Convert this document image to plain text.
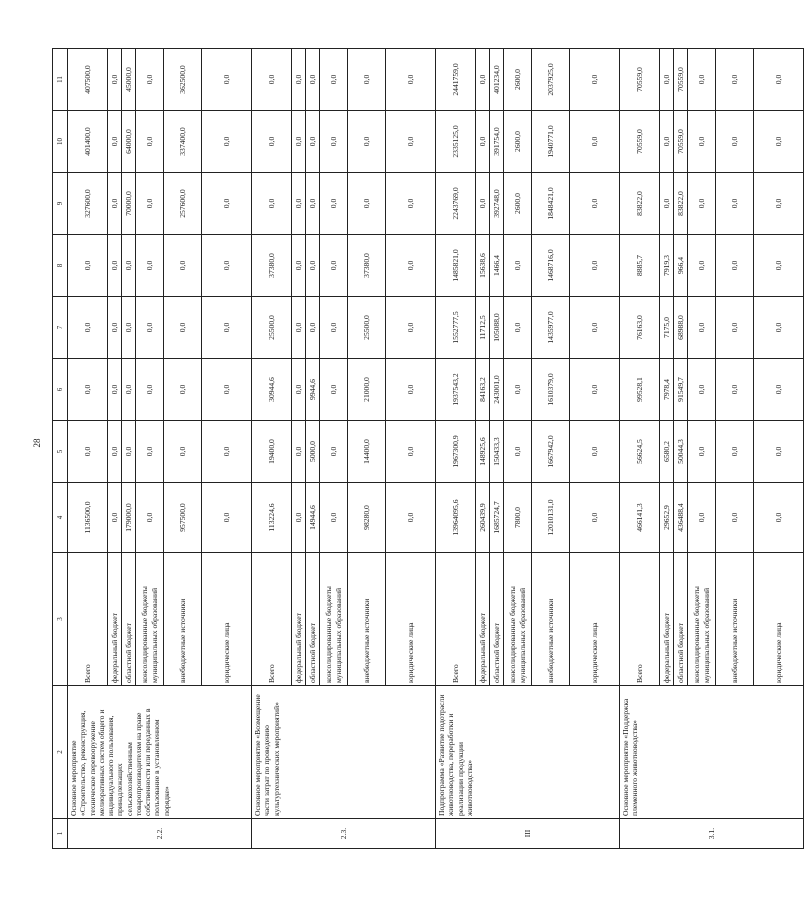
28
1	2	3	4	5	6	7	8	9	10	11
2.2.	Основное мероприятие «Строительство, реконструкция, техническое перевооружение мелиоративных систем общего и индивидуального пользования, принадлежащих сельскохозяйственным товаропроизводителям на праве собственности или переданных в пользование в установленном порядке»	Всего	1136500,0	0,0	0,0	0,0	0,0	327600,0	401400,0	407500,0
		федеральный бюджет	0,0	0,0	0,0	0,0	0,0	0,0	0,0	0,0
		областной бюджет	179000,0	0,0	0,0	0,0	0,0	70000,0	64000,0	45000,0
		консолидированные бюджеты муниципальных образований	0,0	0,0	0,0	0,0	0,0	0,0	0,0	0,0
		внебюджетные источники	957500,0	0,0	0,0	0,0	0,0	257600,0	337400,0	362500,0
		юридические лица	0,0	0,0	0,0	0,0	0,0	0,0	0,0	0,0
2.3.	Основное мероприятие «Возмещение части затрат по проведению культуртехнических мероприятий»	Всего	113224,6	19400,0	30944,6	25500,0	37380,0	0,0	0,0	0,0
		федеральный бюджет	0,0	0,0	0,0	0,0	0,0	0,0	0,0	0,0
		областной бюджет	14944,6	5000,0	9944,6	0,0	0,0	0,0	0,0	0,0
		консолидированные бюджеты муниципальных образований	0,0	0,0	0,0	0,0	0,0	0,0	0,0	0,0
		внебюджетные источники	98280,0	14400,0	21000,0	25500,0	37380,0	0,0	0,0	0,0
		юридические лица	0,0	0,0	0,0	0,0	0,0	0,0	0,0	0,0
III	Подпрограмма «Развитие подотрасли животноводства, переработки и реализации продукции животноводства»	Всего	13964095,6	1967300,9	1937543,2	1552777,5	1485821,0	2243769,0	2335125,0	2441759,0
		федеральный бюджет	260439,9	148925,6	84163,2	11712,5	15638,6	0,0	0,0	0,0
		областной бюджет	1685724,7	150433,3	243001,0	105088,0	1466,4	392748,0	391754,0	401234,0
		консолидированные бюджеты муниципальных образований	7800,0	0,0	0,0	0,0	0,0	2600,0	2600,0	2600,0
		внебюджетные источники	12010131,0	1667942,0	1610379,0	1435977,0	1468716,0	1848421,0	1940771,0	2037925,0
		юридические лица	0,0	0,0	0,0	0,0	0,0	0,0	0,0	0,0
3.1.	Основное мероприятие «Поддержка племенного животноводства»	Всего	466141,3	56624,5	99528,1	76163,0	8885,7	83822,0	70559,0	70559,0
		федеральный бюджет	29652,9	6580,2	7978,4	7175,0	7919,3	0,0	0,0	0,0
		областной бюджет	436488,4	50044,3	91549,7	68988,0	966,4	83822,0	70559,0	70559,0
		консолидированные бюджеты муниципальных образований	0,0	0,0	0,0	0,0	0,0	0,0	0,0	0,0
		внебюджетные источники	0,0	0,0	0,0	0,0	0,0	0,0	0,0	0,0
		юридические лица	0,0	0,0	0,0	0,0	0,0	0,0	0,0	0,0
